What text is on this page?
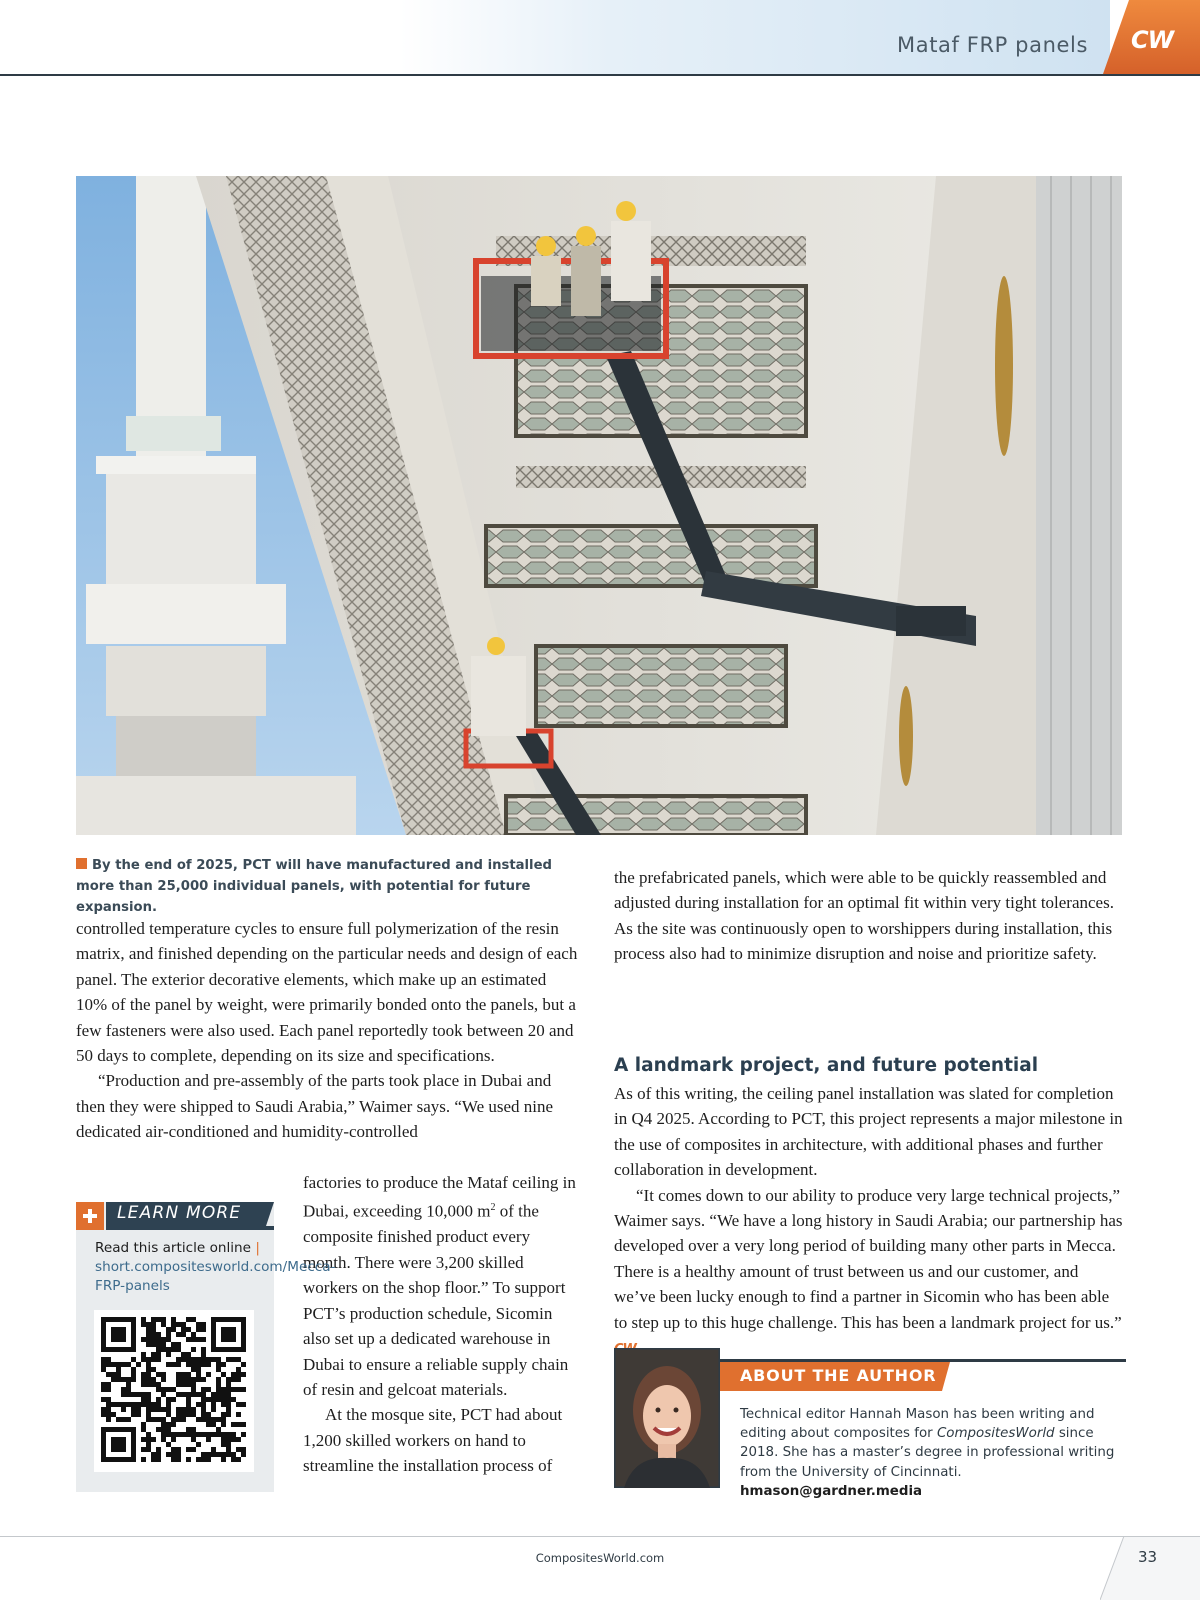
Mataf FRP panels CW
By the end of 2025, PCT will have manufactured and installed more than 25,000 individual panels, with potential for future expansion.

controlled temperature cycles to ensure full polymerization of the resin matrix, and finished depending on the particular needs and design of each panel. The exterior decorative elements, which make up an estimated 10% of the panel by weight, were primarily bonded onto the panels, but a few fasteners were also used. Each panel reportedly took between 20 and 50 days to complete, depending on its size and specifications.

“Production and pre-assembly of the parts took place in Dubai and then they were shipped to Saudi Arabia,” Waimer says. “We used nine dedicated air-conditioned and humidity-controlled

factories to produce the Mataf ceiling in Dubai, exceeding 10,000 $m^2$ of the composite finished product every month. There were 3,200 skilled workers on the shop floor.” To support PCT’s production schedule, Sicomin also set up a dedicated warehouse in Dubai to ensure a reliable supply chain of resin and gelcoat materials.

At the mosque site, PCT had about 1,200 skilled workers on hand to streamline the installation process of

LEARN MORE
Read this article online |
short.compositesworld.com/Mecca-FRP-panels

the prefabricated panels, which were able to be quickly reassembled and adjusted during installation for an optimal fit within very tight tolerances. As the site was continuously open to worshippers during installation, this process also had to minimize disruption and noise and prioritize safety.

A landmark project, and future potential

As of this writing, the ceiling panel installation was slated for completion in Q4 2025. According to PCT, this project represents a major milestone in the use of composites in architecture, with additional phases and further collaboration in development.

“It comes down to our ability to produce very large technical projects,” Waimer says. “We have a long history in Saudi Arabia; our partnership has developed over a very long period of building many other parts in Mecca. There is a healthy amount of trust between us and our customer, and we’ve been lucky enough to find a partner in Sicomin who has been able to step up to this huge challenge. This has been a landmark project for us.”

ABOUT THE AUTHOR
Technical editor Hannah Mason has been writing and editing about composites for CompositesWorld since 2018. She has a master’s degree in professional writing from the University of Cincinnati. hmason@gardner.media
CompositesWorld.com	33
